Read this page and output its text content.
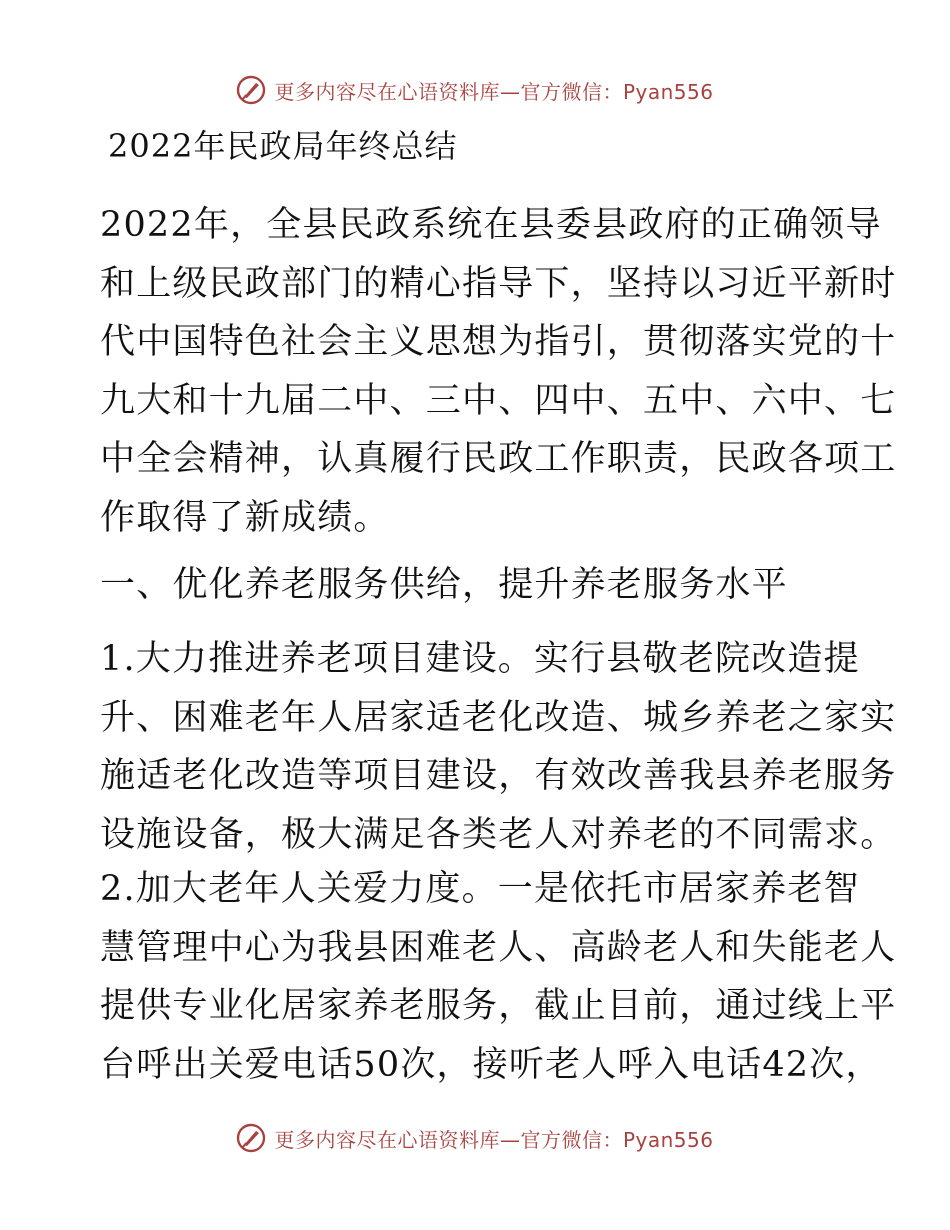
更多内容尽在心语资料库—官方微信：Pyan556
2022年民政局年终总结
2022年，全县民政系统在县委县政府的正确领导
和上级民政部门的精心指导下，坚持以习近平新时
代中国特色社会主义思想为指引，贯彻落实党的十
九大和十九届二中、三中、四中、五中、六中、七
中全会精神，认真履行民政工作职责，民政各项工
作取得了新成绩。
一、优化养老服务供给，提升养老服务水平
1.大力推进养老项目建设。实行县敬老院改造提
升、困难老年人居家适老化改造、城乡养老之家实
施适老化改造等项目建设，有效改善我县养老服务
设施设备，极大满足各类老人对养老的不同需求。
2.加大老年人关爱力度。一是依托市居家养老智
慧管理中心为我县困难老人、高龄老人和失能老人
提供专业化居家养老服务，截止目前，通过线上平
台呼出关爱电话50次，接听老人呼入电话42次，
更多内容尽在心语资料库—官方微信：Pyan556
